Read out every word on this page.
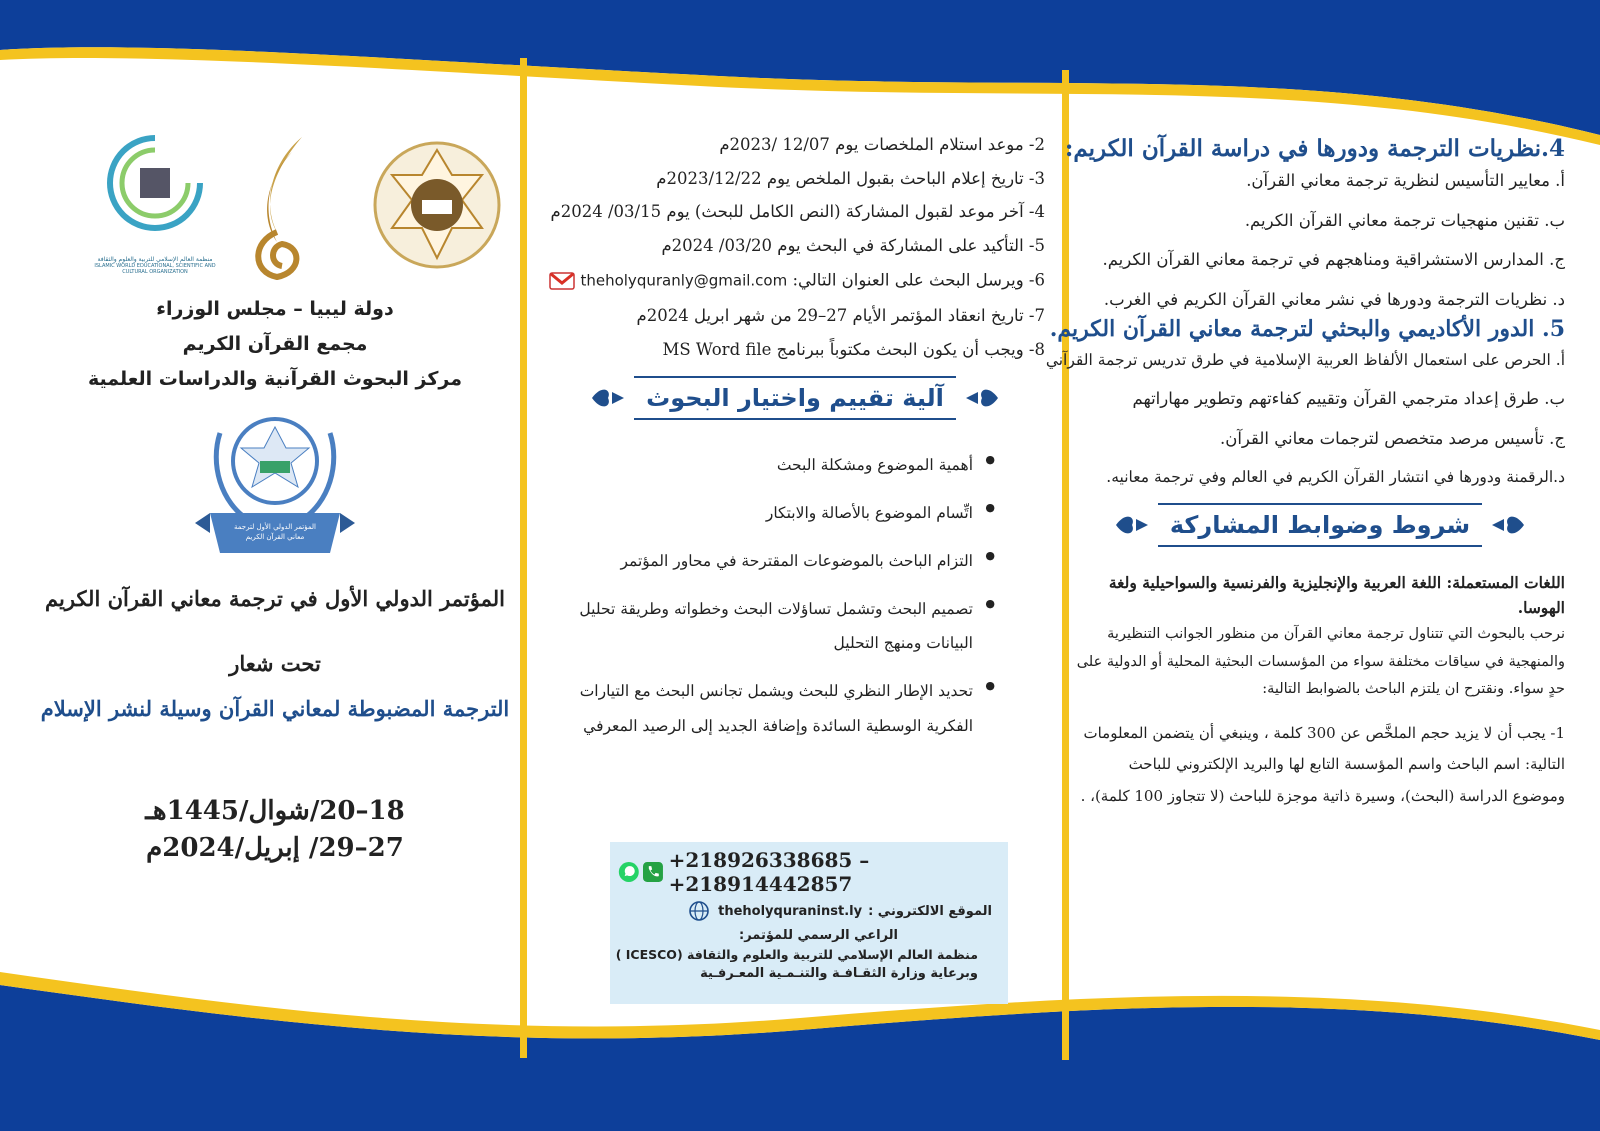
4.نظريات الترجمة ودورها في دراسة القرآن الكريم:
أ. معايير التأسيس لنظرية ترجمة معاني القرآن.
ب. تقنين منهجيات ترجمة معاني القرآن الكريم.
ج. المدارس الاستشراقية ومناهجهم في ترجمة معاني القرآن الكريم.
د. نظريات الترجمة ودورها في نشر معاني القرآن الكريم في الغرب.
5. الدور الأكاديمي والبحثي لترجمة معاني القرآن الكريم.
أ. الحرص على استعمال الألفاظ العربية الإسلامية في طرق تدريس ترجمة القرآني
ب. طرق إعداد مترجمي القرآن وتقييم كفاءتهم وتطوير مهاراتهم
ج. تأسيس مرصد متخصص لترجمات معاني القرآن.
د.الرقمنة ودورها في انتشار القرآن الكريم في العالم وفي ترجمة معانيه.
شروط وضوابط المشاركة
اللغات المستعملة: اللغة العربية والإنجليزية والفرنسية والسواحيلية ولغة الهوسا.

نرحب بالبحوث التي تتناول ترجمة معاني القرآن من منظور الجوانب التنظيرية والمنهجية في سياقات مختلفة سواء من المؤسسات البحثية المحلية أو الدولية على حدٍ سواء. ونقترح ان يلتزم الباحث بالضوابط التالية:

1- يجب أن لا يزيد حجم الملخَّص عن 300 كلمة ، وينبغي أن يتضمن المعلومات التالية: اسم الباحث واسم المؤسسة التابع لها والبريد الإلكتروني للباحث وموضوع الدراسة (البحث)، وسيرة ذاتية موجزة للباحث (لا تتجاوز 100 كلمة)، .

2- موعد استلام الملخصات يوم 12/07 /2023م
3- تاريخ إعلام الباحث بقبول الملخص يوم 2023/12/22م
4- آخر موعد لقبول المشاركة (النص الكامل للبحث) يوم 03/15/ 2024م
5- التأكيد على المشاركة في البحث يوم 03/20/ 2024م
6- ويرسل البحث على العنوان التالي: theholyquranly@gmail.com
7- تاريخ انعقاد المؤتمر الأيام 27–29 من شهر ابريل 2024م
8- ويجب أن يكون البحث مكتوباً ببرنامج MS Word file
آلية تقييم واختيار البحوث
● أهمية الموضوع ومشكلة البحث
● اتِّسام الموضوع بالأصالة والابتكار
● التزام الباحث بالموضوعات المقترحة في محاور المؤتمر
● تصميم البحث وتشمل تساؤلات البحث وخطواته وطريقة تحليل البيانات ومنهج التحليل
● تحديد الإطار النظري للبحث ويشمل تجانس البحث مع التيارات الفكرية الوسطية السائدة وإضافة الجديد إلى الرصيد المعرفي
+218926338685 – +218914442857
الموقع الالكتروني :
theholyquraninst.ly
الراعي الرسمي للمؤتمر:
منظمة العالم الإسلامي للتربية والعلوم والثقافة (ICESCO )
وبرعاية وزارة الثقـافـة والتنـمـية المعـرفـية
منظمة العالم الإسلامي للتربية والعلوم والثقافة
ISLAMIC WORLD EDUCATIONAL, SCIENTIFIC AND CULTURAL ORGANIZATION
دولة ليبيا – مجلس الوزراء
مجمع القرآن الكريم
مركز البحوث القرآنية والدراسات العلمية
المؤتمر الدولي الأول لترجمة معاني القرآن الكريم
المؤتمر الدولي الأول في ترجمة معاني القرآن الكريم
تحت شعار
الترجمة المضبوطة لمعاني القرآن وسيلة لنشر الإسلام
18–20/شوال/1445هـ
27–29/ إبريل/2024م
